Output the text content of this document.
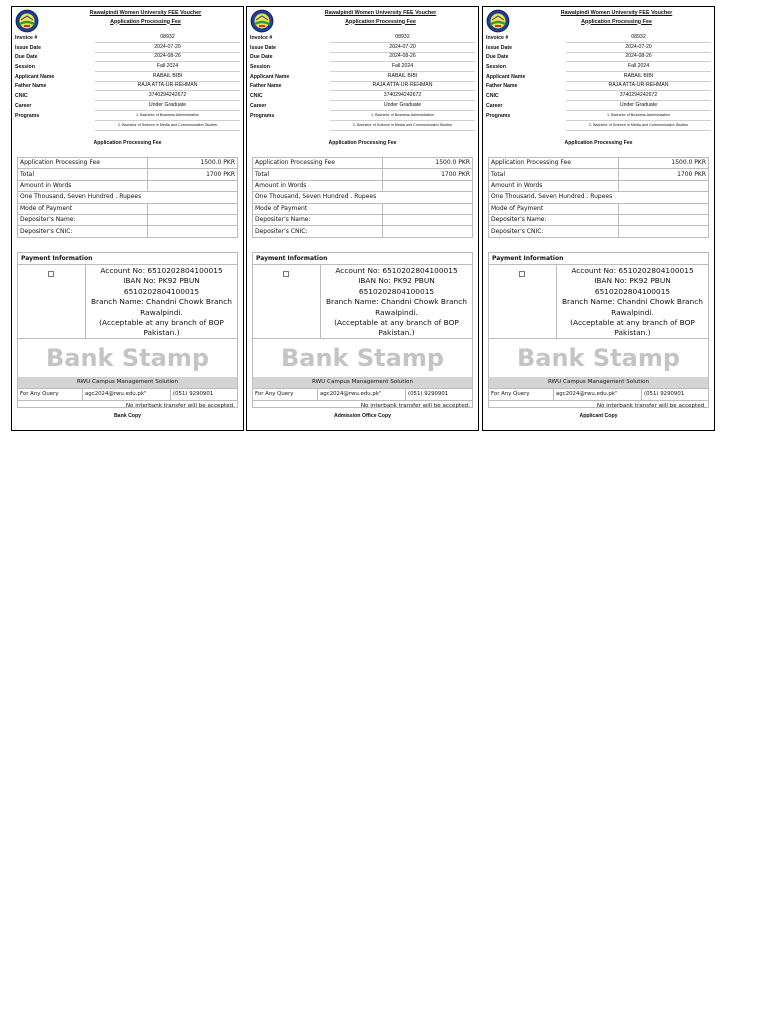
Rawalpindi Women University FEE Voucher
Application Processing Fee
Invoice #	08932
Issue Date	2024-07-20
Due Date	2024-08-26
Session	Fall 2024
Applicant Name	RABAIL BIBI
Father Name	RAJA ATTA-UR-REHMAN
CNIC	3740294242672
Career	Under Graduate
Programs	1. Bachelor of Business Administration
2. Bachelor of Science in Media and Communication Studies
Application Processing Fee
Application Processing Fee	1500.0 PKR
Total	1700 PKR
Amount in Words	
One Thousand, Seven Hundred . Rupees	
Mode of Payment	
Depositer's Name:	
Depositer's CNIC:	
Payment Information
Account No: 6510202804100015
IBAN No: PK92 PBUN 6510202804100015
Branch Name: Chandni Chowk Branch Rawalpindi.
(Acceptable at any branch of BOP Pakistan.)
Bank Stamp
RWU Campus Management Solution
For Any Query	agc2024@rwu.edu.pk"	(051) 9290901
No interbank transfer will be accepted.
Bank Copy
Rawalpindi Women University FEE Voucher
Application Processing Fee
Invoice #	08932
Issue Date	2024-07-20
Due Date	2024-08-26
Session	Fall 2024
Applicant Name	RABAIL BIBI
Father Name	RAJA ATTA-UR-REHMAN
CNIC	3740294242672
Career	Under Graduate
Programs	1. Bachelor of Business Administration
2. Bachelor of Science in Media and Communication Studies
Application Processing Fee
Application Processing Fee	1500.0 PKR
Total	1700 PKR
Amount in Words	
One Thousand, Seven Hundred . Rupees	
Mode of Payment	
Depositer's Name:	
Depositer's CNIC:	
Payment Information
Account No: 6510202804100015
IBAN No: PK92 PBUN 6510202804100015
Branch Name: Chandni Chowk Branch Rawalpindi.
(Acceptable at any branch of BOP Pakistan.)
Bank Stamp
RWU Campus Management Solution
For Any Query	agc2024@rwu.edu.pk"	(051) 9290901
No interbank transfer will be accepted.
Admission Office Copy
Rawalpindi Women University FEE Voucher
Application Processing Fee
Invoice #	08932
Issue Date	2024-07-20
Due Date	2024-08-26
Session	Fall 2024
Applicant Name	RABAIL BIBI
Father Name	RAJA ATTA-UR-REHMAN
CNIC	3740294242672
Career	Under Graduate
Programs	1. Bachelor of Business Administration
2. Bachelor of Science in Media and Communication Studies
Application Processing Fee
Application Processing Fee	1500.0 PKR
Total	1700 PKR
Amount in Words	
One Thousand, Seven Hundred . Rupees	
Mode of Payment	
Depositer's Name:	
Depositer's CNIC:	
Payment Information
Account No: 6510202804100015
IBAN No: PK92 PBUN 6510202804100015
Branch Name: Chandni Chowk Branch Rawalpindi.
(Acceptable at any branch of BOP Pakistan.)
Bank Stamp
RWU Campus Management Solution
For Any Query	agc2024@rwu.edu.pk"	(051) 9290901
No interbank transfer will be accepted.
Applicant Copy
